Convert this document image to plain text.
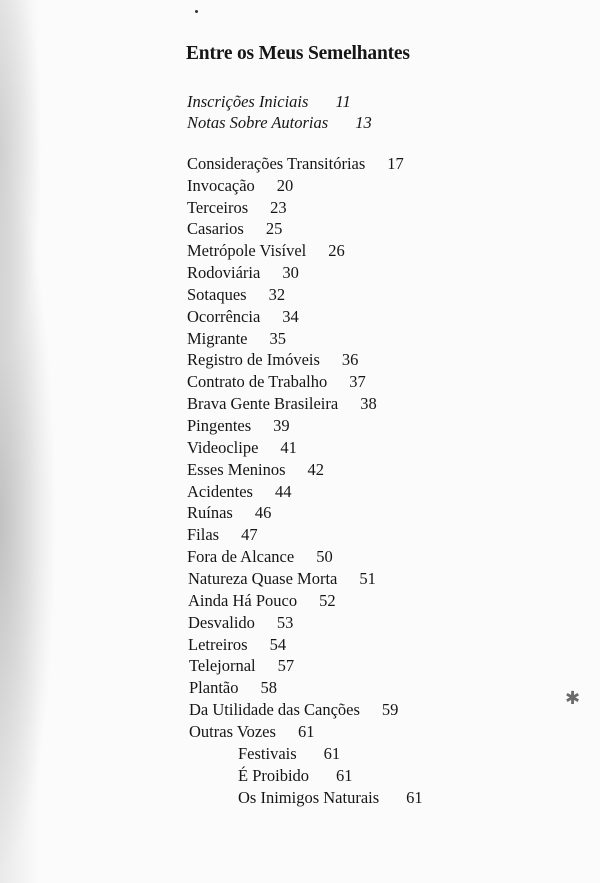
✱
Entre os Meus Semelhantes
Inscrições Iniciais 11
Notas Sobre Autorias 13
Considerações Transitórias 17
Invocação 20
Terceiros 23
Casarios 25
Metrópole Visível 26
Rodoviária 30
Sotaques 32
Ocorrência 34
Migrante 35
Registro de Imóveis 36
Contrato de Trabalho 37
Brava Gente Brasileira 38
Pingentes 39
Videoclipe 41
Esses Meninos 42
Acidentes 44
Ruínas 46
Filas 47
Fora de Alcance 50
Natureza Quase Morta 51
Ainda Há Pouco 52
Desvalido 53
Letreiros 54
Telejornal 57
Plantão 58
Da Utilidade das Canções 59
Outras Vozes 61
Festivais 61
É Proibido 61
Os Inimigos Naturais 61
